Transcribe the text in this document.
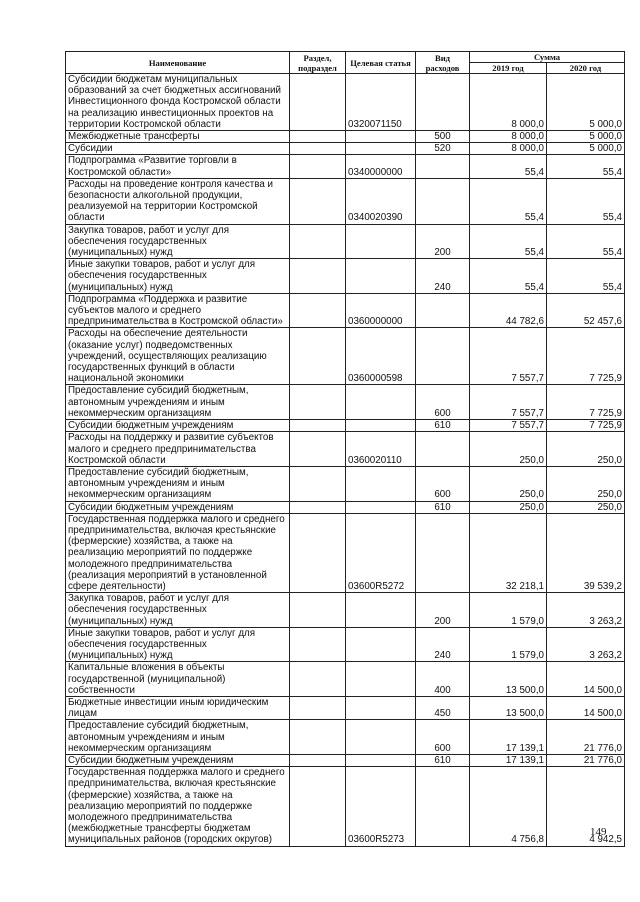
Наименование	Раздел, подраздел	Целевая статья	Вид расходов	Сумма	
				2019 год	2020 год
Субсидии бюджетам муниципальных образований за счет бюджетных ассигнований Инвестиционного фонда Костромской области на реализацию инвестиционных проектов на территории Костромской области		0320071150		8 000,0	5 000,0
Межбюджетные трансферты			500	8 000,0	5 000,0
Субсидии			520	8 000,0	5 000,0
Подпрограмма «Развитие торговли в Костромской области»		0340000000		55,4	55,4
Расходы на проведение контроля качества и безопасности алкогольной продукции, реализуемой на территории Костромской области		0340020390		55,4	55,4
Закупка товаров, работ и услуг для обеспечения государственных (муниципальных) нужд			200	55,4	55,4
Иные закупки товаров, работ и услуг для обеспечения государственных (муниципальных) нужд			240	55,4	55,4
Подпрограмма «Поддержка и развитие субъектов малого и среднего предпринимательства в Костромской области»		0360000000		44 782,6	52 457,6
Расходы на обеспечение деятельности (оказание услуг) подведомственных учреждений, осуществляющих реализацию государственных функций в области национальной экономики		0360000598		7 557,7	7 725,9
Предоставление субсидий бюджетным, автономным учреждениям и иным некоммерческим организациям			600	7 557,7	7 725,9
Субсидии бюджетным учреждениям			610	7 557,7	7 725,9
Расходы на поддержку и развитие субъектов малого и среднего предпринимательства Костромской области		0360020110		250,0	250,0
Предоставление субсидий бюджетным, автономным учреждениям и иным некоммерческим организациям			600	250,0	250,0
Субсидии бюджетным учреждениям			610	250,0	250,0
Государственная поддержка малого и среднего предпринимательства, включая крестьянские (фермерские) хозяйства, а также на реализацию мероприятий по поддержке молодежного предпринимательства (реализация мероприятий в установленной сфере деятельности)		03600R5272		32 218,1	39 539,2
Закупка товаров, работ и услуг для обеспечения государственных (муниципальных) нужд			200	1 579,0	3 263,2
Иные закупки товаров, работ и услуг для обеспечения государственных (муниципальных) нужд			240	1 579,0	3 263,2
Капитальные вложения в объекты государственной (муниципальной) собственности			400	13 500,0	14 500,0
Бюджетные инвестиции иным юридическим лицам			450	13 500,0	14 500,0
Предоставление субсидий бюджетным, автономным учреждениям и иным некоммерческим организациям			600	17 139,1	21 776,0
Субсидии бюджетным учреждениям			610	17 139,1	21 776,0
Государственная поддержка малого и среднего предпринимательства, включая крестьянские (фермерские) хозяйства, а также на реализацию мероприятий по поддержке молодежного предпринимательства (межбюджетные трансферты бюджетам муниципальных районов (городских округов)		03600R5273		4 756,8	4 942,5
149
